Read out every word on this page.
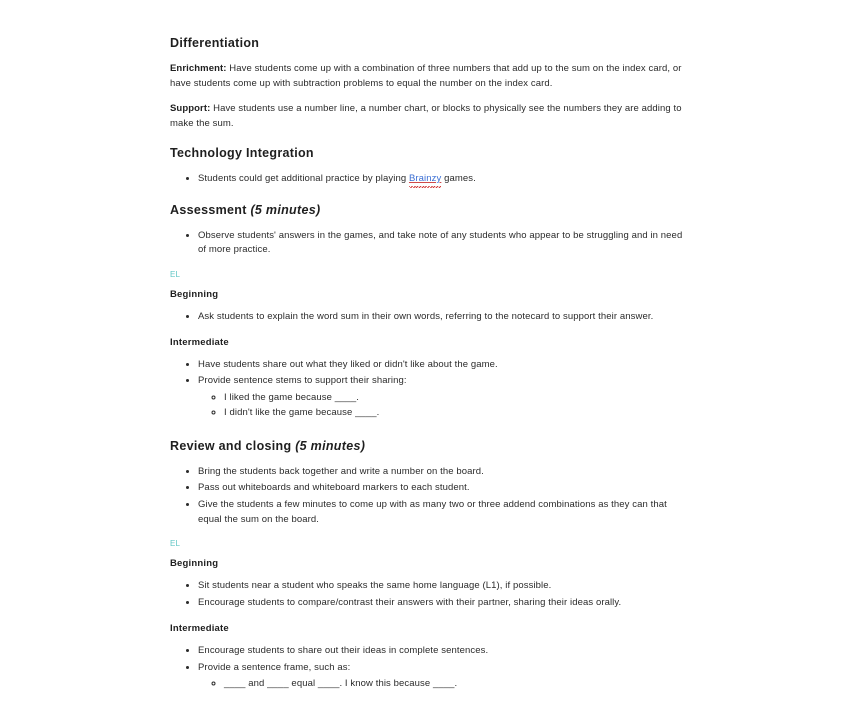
Differentiation

Enrichment: Have students come up with a combination of three numbers that add up to the sum on the index card, or have students come up with subtraction problems to equal the number on the index card.

Support: Have students use a number line, a number chart, or blocks to physically see the numbers they are adding to make the sum.

Technology Integration
• Students could get additional practice by playing Brainzy
games.
Assessment (5 minutes)
• Observe students' answers in the games, and take note of any students who appear to be struggling and in need of more practice.
EL
Beginning
• Ask students to explain the word sum in their own words, referring to the notecard to support their answer.
Intermediate
• Have students share out what they liked or didn't like about the game.
• Provide sentence stems to support their sharing:
◦ I liked the game because ____.
◦ I didn't like the game because ____.
Review and closing (5 minutes)
• Bring the students back together and write a number on the board.
• Pass out whiteboards and whiteboard markers to each student.
• Give the students a few minutes to come up with as many two or three addend combinations as they can that equal the sum on the board.
EL
Beginning
• Sit students near a student who speaks the same home language (L1), if possible.
• Encourage students to compare/contrast their answers with their partner, sharing their ideas orally.
Intermediate
• Encourage students to share out their ideas in complete sentences.
• Provide a sentence frame, such as:
◦ ____ and ____ equal ____. I know this because ____.
